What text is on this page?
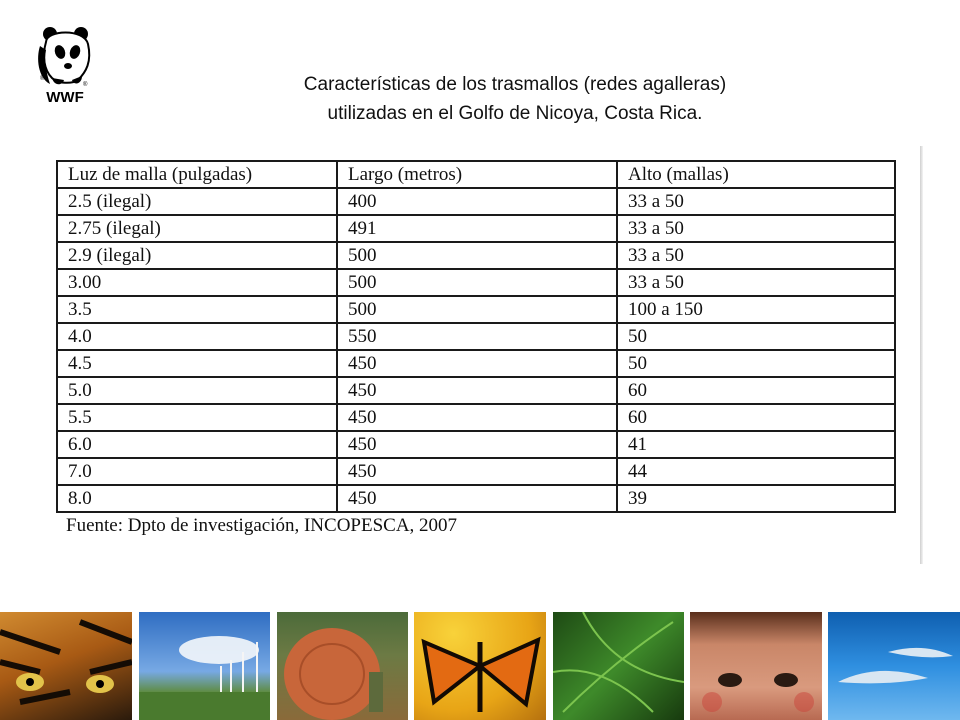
®
®
WWF
Características de los trasmallos (redes agalleras)
utilizadas en el Golfo de Nicoya, Costa Rica.
Luz de malla (pulgadas)	Largo (metros)	Alto (mallas)
2.5 (ilegal)	400	33 a 50
2.75 (ilegal)	491	33 a 50
2.9 (ilegal)	500	33 a 50
3.00	500	33 a 50
3.5	500	100 a 150
4.0	550	50
4.5	450	50
5.0	450	60
5.5	450	60
6.0	450	41
7.0	450	44
8.0	450	39
Fuente: Dpto de investigación, INCOPESCA, 2007
